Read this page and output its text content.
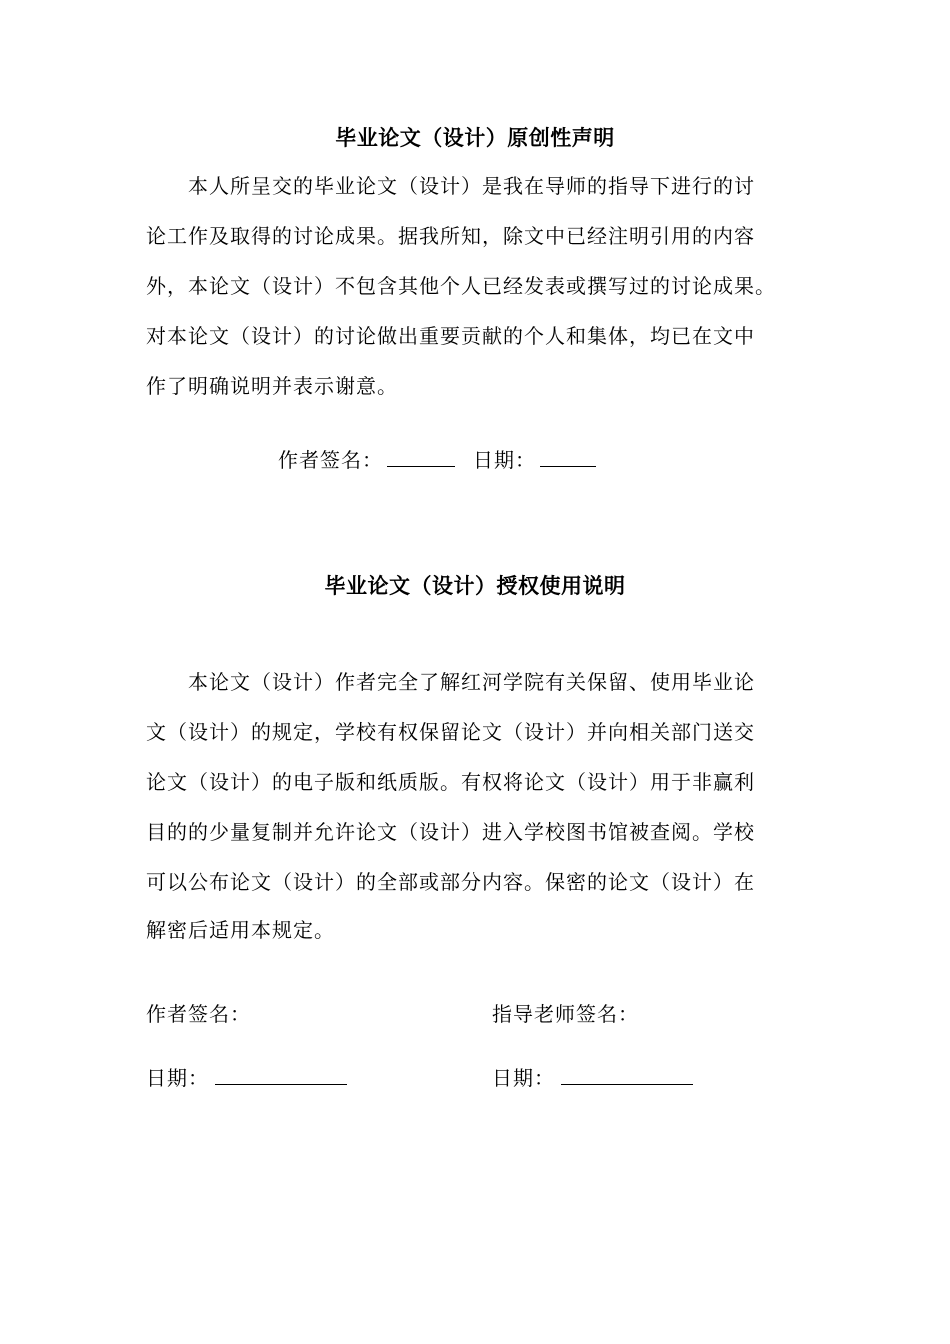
毕业论文（设计）原创性声明
本人所呈交的毕业论文（设计）是我在导师的指导下进行的讨
论工作及取得的讨论成果。据我所知，除文中已经注明引用的内容
外，本论文（设计）不包含其他个人已经发表或撰写过的讨论成果。
对本论文（设计）的讨论做出重要贡献的个人和集体，均已在文中
作了明确说明并表示谢意。
作者签名：	日期：
毕业论文（设计）授权使用说明
本论文（设计）作者完全了解红河学院有关保留、使用毕业论
文（设计）的规定，学校有权保留论文（设计）并向相关部门送交
论文（设计）的电子版和纸质版。有权将论文（设计）用于非赢利
目的的少量复制并允许论文（设计）进入学校图书馆被查阅。学校
可以公布论文（设计）的全部或部分内容。保密的论文（设计）在
解密后适用本规定。
作者签名：	指导老师签名：
日期：	日期：
